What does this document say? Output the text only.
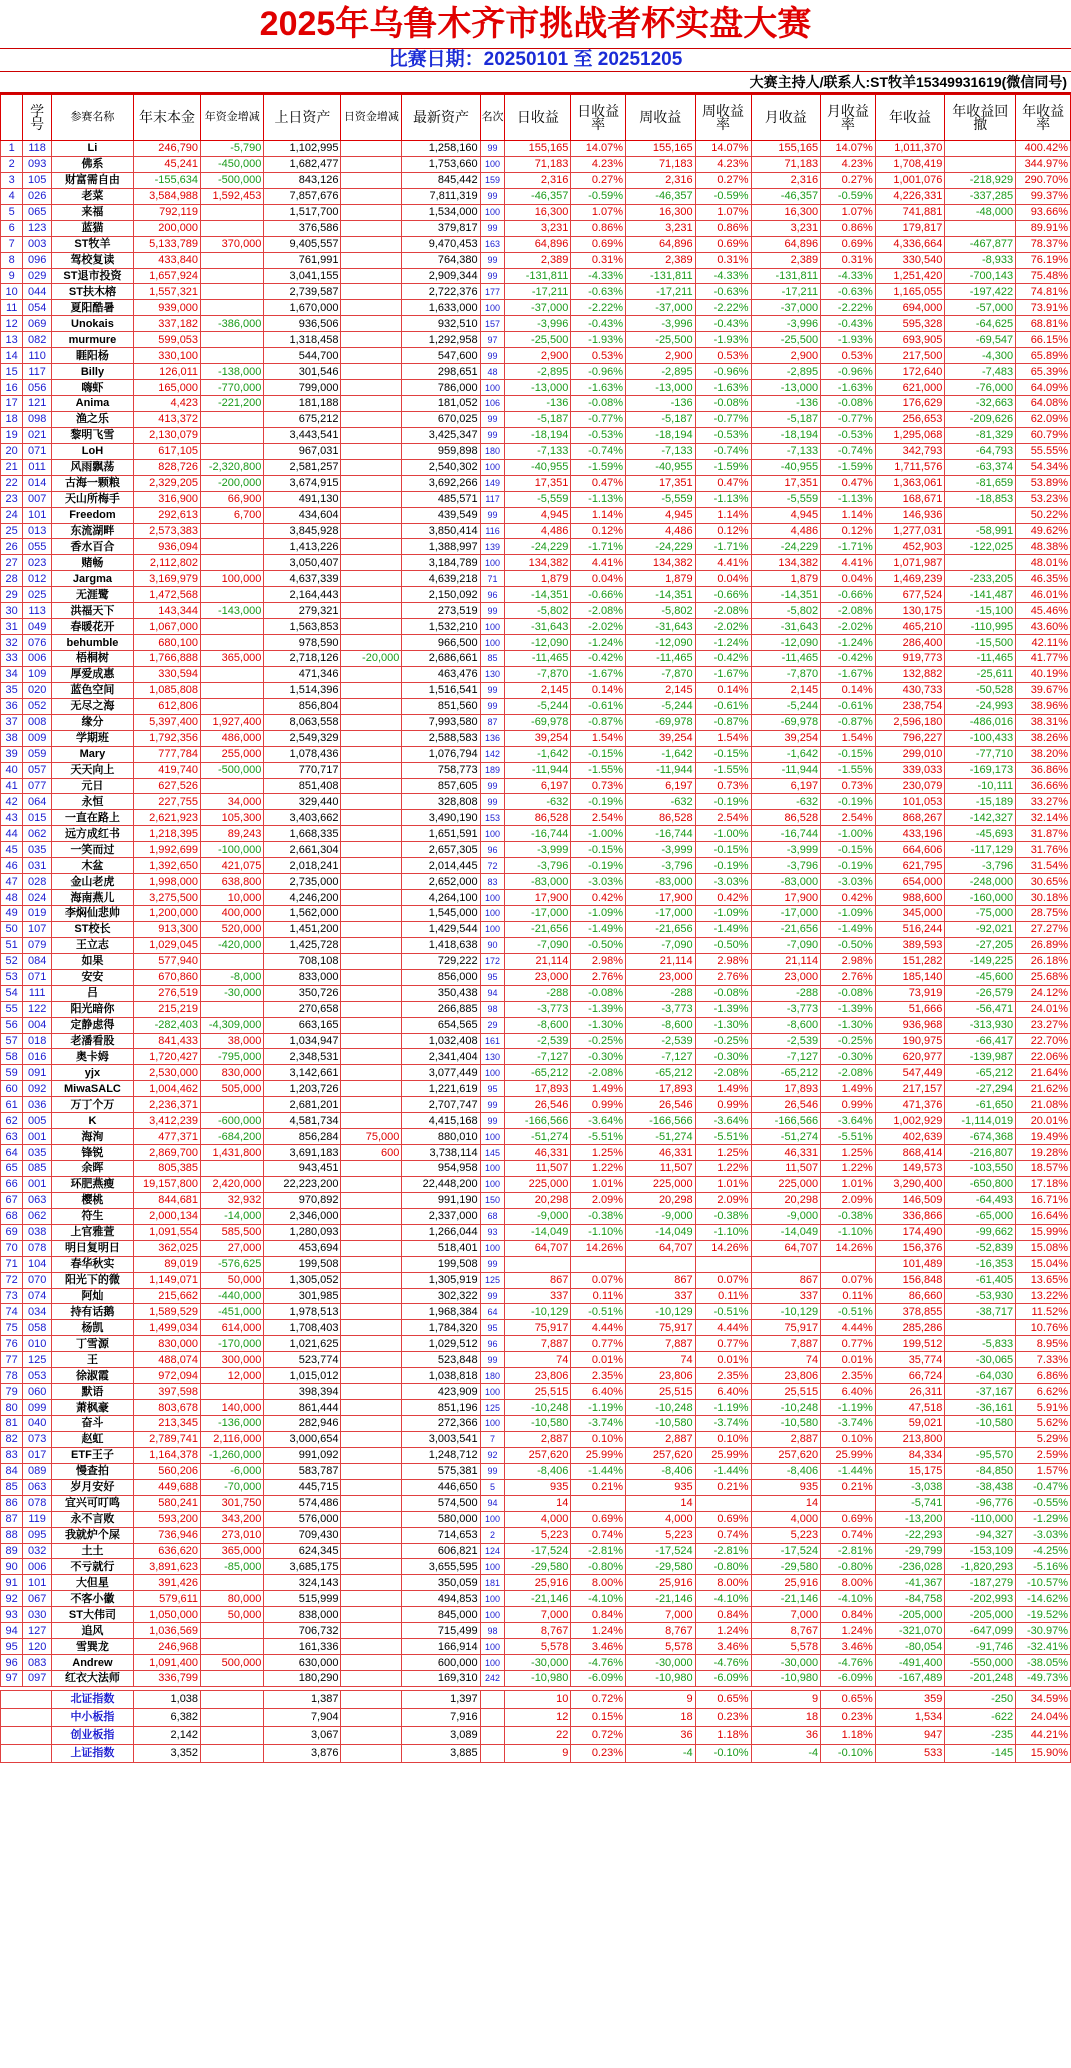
2025年乌鲁木齐市挑战者杯实盘大赛
比赛日期：20250101 至 20251205
大赛主持人/联系人:ST牧羊15349931619(微信同号)
	学号	参赛名称	年末本金	年资金增减	上日资产	日资金增减	最新资产	名次	日收益	日收益率	周收益	周收益率	月收益	月收益率	年收益	年收益回撤	年收益率
1	118	Li	246,790	-5,790	1,102,995		1,258,160	99	155,165	14.07%	155,165	14.07%	155,165	14.07%	1,011,370		400.42%
2	093	佛系	45,241	-450,000	1,682,477		1,753,660	100	71,183	4.23%	71,183	4.23%	71,183	4.23%	1,708,419		344.97%
3	105	财富需自由	-155,634	-500,000	843,126		845,442	159	2,316	0.27%	2,316	0.27%	2,316	0.27%	1,001,076	-218,929	290.70%
4	026	老菜	3,584,988	1,592,453	7,857,676		7,811,319	99	-46,357	-0.59%	-46,357	-0.59%	-46,357	-0.59%	4,226,331	-337,285	99.37%
5	065	来福	792,119		1,517,700		1,534,000	100	16,300	1.07%	16,300	1.07%	16,300	1.07%	741,881	-48,000	93.66%
6	123	蓝猫	200,000		376,586		379,817	99	3,231	0.86%	3,231	0.86%	3,231	0.86%	179,817		89.91%
7	003	ST牧羊	5,133,789	370,000	9,405,557		9,470,453	163	64,896	0.69%	64,896	0.69%	64,896	0.69%	4,336,664	-467,877	78.37%
8	096	驾校复读	433,840		761,991		764,380	99	2,389	0.31%	2,389	0.31%	2,389	0.31%	330,540	-8,933	76.19%
9	029	ST退市投资	1,657,924		3,041,155		2,909,344	99	-131,811	-4.33%	-131,811	-4.33%	-131,811	-4.33%	1,251,420	-700,143	75.48%
10	044	ST扶木榕	1,557,321		2,739,587		2,722,376	177	-17,211	-0.63%	-17,211	-0.63%	-17,211	-0.63%	1,165,055	-197,422	74.81%
11	054	夏阳酷暑	939,000		1,670,000		1,633,000	100	-37,000	-2.22%	-37,000	-2.22%	-37,000	-2.22%	694,000	-57,000	73.91%
12	069	Unokais	337,182	-386,000	936,506		932,510	157	-3,996	-0.43%	-3,996	-0.43%	-3,996	-0.43%	595,328	-64,625	68.81%
13	082	murmure	599,053		1,318,458		1,292,958	97	-25,500	-1.93%	-25,500	-1.93%	-25,500	-1.93%	693,905	-69,547	66.15%
14	110	睚阳杨	330,100		544,700		547,600	99	2,900	0.53%	2,900	0.53%	2,900	0.53%	217,500	-4,300	65.89%
15	117	Billy	126,011	-138,000	301,546		298,651	48	-2,895	-0.96%	-2,895	-0.96%	-2,895	-0.96%	172,640	-7,483	65.39%
16	056	嗨虾	165,000	-770,000	799,000		786,000	100	-13,000	-1.63%	-13,000	-1.63%	-13,000	-1.63%	621,000	-76,000	64.09%
17	121	Anima	4,423	-221,200	181,188		181,052	106	-136	-0.08%	-136	-0.08%	-136	-0.08%	176,629	-32,663	64.08%
18	098	渔之乐	413,372		675,212		670,025	99	-5,187	-0.77%	-5,187	-0.77%	-5,187	-0.77%	256,653	-209,626	62.09%
19	021	黎明飞雪	2,130,079		3,443,541		3,425,347	99	-18,194	-0.53%	-18,194	-0.53%	-18,194	-0.53%	1,295,068	-81,329	60.79%
20	071	LoH	617,105		967,031		959,898	180	-7,133	-0.74%	-7,133	-0.74%	-7,133	-0.74%	342,793	-64,793	55.55%
21	011	风雨飘荡	828,726	-2,320,800	2,581,257		2,540,302	100	-40,955	-1.59%	-40,955	-1.59%	-40,955	-1.59%	1,711,576	-63,374	54.34%
22	014	古海一颗粮	2,329,205	-200,000	3,674,915		3,692,266	149	17,351	0.47%	17,351	0.47%	17,351	0.47%	1,363,061	-81,659	53.89%
23	007	天山所梅手	316,900	66,900	491,130		485,571	117	-5,559	-1.13%	-5,559	-1.13%	-5,559	-1.13%	168,671	-18,853	53.23%
24	101	Freedom	292,613	6,700	434,604		439,549	99	4,945	1.14%	4,945	1.14%	4,945	1.14%	146,936		50.22%
25	013	东流湖畔	2,573,383		3,845,928		3,850,414	116	4,486	0.12%	4,486	0.12%	4,486	0.12%	1,277,031	-58,991	49.62%
26	055	香水百合	936,094		1,413,226		1,388,997	139	-24,229	-1.71%	-24,229	-1.71%	-24,229	-1.71%	452,903	-122,025	48.38%
27	023	赌畅	2,112,802		3,050,407		3,184,789	100	134,382	4.41%	134,382	4.41%	134,382	4.41%	1,071,987		48.01%
28	012	Jargma	3,169,979	100,000	4,637,339		4,639,218	71	1,879	0.04%	1,879	0.04%	1,879	0.04%	1,469,239	-233,205	46.35%
29	025	无涯鹭	1,472,568		2,164,443		2,150,092	96	-14,351	-0.66%	-14,351	-0.66%	-14,351	-0.66%	677,524	-141,487	46.01%
30	113	洪福天下	143,344	-143,000	279,321		273,519	99	-5,802	-2.08%	-5,802	-2.08%	-5,802	-2.08%	130,175	-15,100	45.46%
31	049	春暖花开	1,067,000		1,563,853		1,532,210	100	-31,643	-2.02%	-31,643	-2.02%	-31,643	-2.02%	465,210	-110,995	43.60%
32	076	behumble	680,100		978,590		966,500	100	-12,090	-1.24%	-12,090	-1.24%	-12,090	-1.24%	286,400	-15,500	42.11%
33	006	梧桐树	1,766,888	365,000	2,718,126	-20,000	2,686,661	85	-11,465	-0.42%	-11,465	-0.42%	-11,465	-0.42%	919,773	-11,465	41.77%
34	109	厚爱成惠	330,594		471,346		463,476	130	-7,870	-1.67%	-7,870	-1.67%	-7,870	-1.67%	132,882	-25,611	40.19%
35	020	蓝色空间	1,085,808		1,514,396		1,516,541	99	2,145	0.14%	2,145	0.14%	2,145	0.14%	430,733	-50,528	39.67%
36	052	无尽之海	612,806		856,804		851,560	99	-5,244	-0.61%	-5,244	-0.61%	-5,244	-0.61%	238,754	-24,993	38.96%
37	008	缘分	5,397,400	1,927,400	8,063,558		7,993,580	87	-69,978	-0.87%	-69,978	-0.87%	-69,978	-0.87%	2,596,180	-486,016	38.31%
38	009	学期班	1,792,356	486,000	2,549,329		2,588,583	136	39,254	1.54%	39,254	1.54%	39,254	1.54%	796,227	-100,433	38.26%
39	059	Mary	777,784	255,000	1,078,436		1,076,794	142	-1,642	-0.15%	-1,642	-0.15%	-1,642	-0.15%	299,010	-77,710	38.20%
40	057	天天向上	419,740	-500,000	770,717		758,773	189	-11,944	-1.55%	-11,944	-1.55%	-11,944	-1.55%	339,033	-169,173	36.86%
41	077	元日	627,526		851,408		857,605	99	6,197	0.73%	6,197	0.73%	6,197	0.73%	230,079	-10,111	36.66%
42	064	永恒	227,755	34,000	329,440		328,808	99	-632	-0.19%	-632	-0.19%	-632	-0.19%	101,053	-15,189	33.27%
43	015	一直在路上	2,621,923	105,300	3,403,662		3,490,190	153	86,528	2.54%	86,528	2.54%	86,528	2.54%	868,267	-142,327	32.14%
44	062	远方成红书	1,218,395	89,243	1,668,335		1,651,591	100	-16,744	-1.00%	-16,744	-1.00%	-16,744	-1.00%	433,196	-45,693	31.87%
45	035	一笑而过	1,992,699	-100,000	2,661,304		2,657,305	96	-3,999	-0.15%	-3,999	-0.15%	-3,999	-0.15%	664,606	-117,129	31.76%
46	031	木盆	1,392,650	421,075	2,018,241		2,014,445	72	-3,796	-0.19%	-3,796	-0.19%	-3,796	-0.19%	621,795	-3,796	31.54%
47	028	金山老虎	1,998,000	638,800	2,735,000		2,652,000	83	-83,000	-3.03%	-83,000	-3.03%	-83,000	-3.03%	654,000	-248,000	30.65%
48	024	海南燕儿	3,275,500	10,000	4,246,200		4,264,100	100	17,900	0.42%	17,900	0.42%	17,900	0.42%	988,600	-160,000	30.18%
49	019	李焖仙悲帅	1,200,000	400,000	1,562,000		1,545,000	100	-17,000	-1.09%	-17,000	-1.09%	-17,000	-1.09%	345,000	-75,000	28.75%
50	107	ST校长	913,300	520,000	1,451,200		1,429,544	100	-21,656	-1.49%	-21,656	-1.49%	-21,656	-1.49%	516,244	-92,021	27.27%
51	079	王立志	1,029,045	-420,000	1,425,728		1,418,638	90	-7,090	-0.50%	-7,090	-0.50%	-7,090	-0.50%	389,593	-27,205	26.89%
52	084	如果	577,940		708,108		729,222	172	21,114	2.98%	21,114	2.98%	21,114	2.98%	151,282	-149,225	26.18%
53	071	安安	670,860	-8,000	833,000		856,000	95	23,000	2.76%	23,000	2.76%	23,000	2.76%	185,140	-45,600	25.68%
54	111	吕	276,519	-30,000	350,726		350,438	94	-288	-0.08%	-288	-0.08%	-288	-0.08%	73,919	-26,579	24.12%
55	122	阳光暗你	215,219		270,658		266,885	98	-3,773	-1.39%	-3,773	-1.39%	-3,773	-1.39%	51,666	-56,471	24.01%
56	004	定静虑得	-282,403	-4,309,000	663,165		654,565	29	-8,600	-1.30%	-8,600	-1.30%	-8,600	-1.30%	936,968	-313,930	23.27%
57	018	老潘看股	841,433	38,000	1,034,947		1,032,408	161	-2,539	-0.25%	-2,539	-0.25%	-2,539	-0.25%	190,975	-66,417	22.70%
58	016	奥卡姆	1,720,427	-795,000	2,348,531		2,341,404	130	-7,127	-0.30%	-7,127	-0.30%	-7,127	-0.30%	620,977	-139,987	22.06%
59	091	yjx	2,530,000	830,000	3,142,661		3,077,449	100	-65,212	-2.08%	-65,212	-2.08%	-65,212	-2.08%	547,449	-65,212	21.64%
60	092	MiwaSALC	1,004,462	505,000	1,203,726		1,221,619	95	17,893	1.49%	17,893	1.49%	17,893	1.49%	217,157	-27,294	21.62%
61	036	万丁个万	2,236,371		2,681,201		2,707,747	99	26,546	0.99%	26,546	0.99%	26,546	0.99%	471,376	-61,650	21.08%
62	005	K	3,412,239	-600,000	4,581,734		4,415,168	99	-166,566	-3.64%	-166,566	-3.64%	-166,566	-3.64%	1,002,929	-1,114,019	20.01%
63	001	海洵	477,371	-684,200	856,284	75,000	880,010	100	-51,274	-5.51%	-51,274	-5.51%	-51,274	-5.51%	402,639	-674,368	19.49%
64	035	锋锐	2,869,700	1,431,800	3,691,183	600	3,738,114	145	46,331	1.25%	46,331	1.25%	46,331	1.25%	868,414	-216,807	19.28%
65	085	余晖	805,385		943,451		954,958	100	11,507	1.22%	11,507	1.22%	11,507	1.22%	149,573	-103,550	18.57%
66	001	环肥燕瘦	19,157,800	2,420,000	22,223,200		22,448,200	100	225,000	1.01%	225,000	1.01%	225,000	1.01%	3,290,400	-650,800	17.18%
67	063	樱桃	844,681	32,932	970,892		991,190	150	20,298	2.09%	20,298	2.09%	20,298	2.09%	146,509	-64,493	16.71%
68	062	符生	2,000,134	-14,000	2,346,000		2,337,000	68	-9,000	-0.38%	-9,000	-0.38%	-9,000	-0.38%	336,866	-65,000	16.64%
69	038	上官雅萱	1,091,554	585,500	1,280,093		1,266,044	93	-14,049	-1.10%	-14,049	-1.10%	-14,049	-1.10%	174,490	-99,662	15.99%
70	078	明日复明日	362,025	27,000	453,694		518,401	100	64,707	14.26%	64,707	14.26%	64,707	14.26%	156,376	-52,839	15.08%
71	104	春华秋实	89,019	-576,625	199,508		199,508	99							101,489	-16,353	15.04%
72	070	阳光下的微	1,149,071	50,000	1,305,052		1,305,919	125	867	0.07%	867	0.07%	867	0.07%	156,848	-61,405	13.65%
73	074	阿灿	215,662	-440,000	301,985		302,322	99	337	0.11%	337	0.11%	337	0.11%	86,660	-53,930	13.22%
74	034	持有话鹅	1,589,529	-451,000	1,978,513		1,968,384	64	-10,129	-0.51%	-10,129	-0.51%	-10,129	-0.51%	378,855	-38,717	11.52%
75	058	杨凯	1,499,034	614,000	1,708,403		1,784,320	95	75,917	4.44%	75,917	4.44%	75,917	4.44%	285,286		10.76%
76	010	丁雪源	830,000	-170,000	1,021,625		1,029,512	96	7,887	0.77%	7,887	0.77%	7,887	0.77%	199,512	-5,833	8.95%
77	125	王	488,074	300,000	523,774		523,848	99	74	0.01%	74	0.01%	74	0.01%	35,774	-30,065	7.33%
78	053	徐淑霞	972,094	12,000	1,015,012		1,038,818	180	23,806	2.35%	23,806	2.35%	23,806	2.35%	66,724	-64,030	6.86%
79	060	默语	397,598		398,394		423,909	100	25,515	6.40%	25,515	6.40%	25,515	6.40%	26,311	-37,167	6.62%
80	099	萧枫豪	803,678	140,000	861,444		851,196	125	-10,248	-1.19%	-10,248	-1.19%	-10,248	-1.19%	47,518	-36,161	5.91%
81	040	奋斗	213,345	-136,000	282,946		272,366	100	-10,580	-3.74%	-10,580	-3.74%	-10,580	-3.74%	59,021	-10,580	5.62%
82	073	赵虹	2,789,741	2,116,000	3,000,654		3,003,541	7	2,887	0.10%	2,887	0.10%	2,887	0.10%	213,800		5.29%
83	017	ETF王子	1,164,378	-1,260,000	991,092		1,248,712	92	257,620	25.99%	257,620	25.99%	257,620	25.99%	84,334	-95,570	2.59%
84	089	慢查拍	560,206	-6,000	583,787		575,381	99	-8,406	-1.44%	-8,406	-1.44%	-8,406	-1.44%	15,175	-84,850	1.57%
85	063	岁月安好	449,688	-70,000	445,715		446,650	5	935	0.21%	935	0.21%	935	0.21%	-3,038	-38,438	-0.47%
86	078	宜兴可叮鸣	580,241	301,750	574,486		574,500	94	14		14		14		-5,741	-96,776	-0.55%
87	119	永不言败	593,200	343,200	576,000		580,000	100	4,000	0.69%	4,000	0.69%	4,000	0.69%	-13,200	-110,000	-1.29%
88	095	我就炉个屎	736,946	273,010	709,430		714,653	2	5,223	0.74%	5,223	0.74%	5,223	0.74%	-22,293	-94,327	-3.03%
89	032	土土	636,620	365,000	624,345		606,821	124	-17,524	-2.81%	-17,524	-2.81%	-17,524	-2.81%	-29,799	-153,109	-4.25%
90	006	不亏就行	3,891,623	-85,000	3,685,175		3,655,595	100	-29,580	-0.80%	-29,580	-0.80%	-29,580	-0.80%	-236,028	-1,820,293	-5.16%
91	101	大但星	391,426		324,143		350,059	181	25,916	8.00%	25,916	8.00%	25,916	8.00%	-41,367	-187,279	-10.57%
92	067	不客小徽	579,611	80,000	515,999		494,853	100	-21,146	-4.10%	-21,146	-4.10%	-21,146	-4.10%	-84,758	-202,993	-14.62%
93	030	ST大伟司	1,050,000	50,000	838,000		845,000	100	7,000	0.84%	7,000	0.84%	7,000	0.84%	-205,000	-205,000	-19.52%
94	127	追风	1,036,569		706,732		715,499	98	8,767	1.24%	8,767	1.24%	8,767	1.24%	-321,070	-647,099	-30.97%
95	120	雪巽龙	246,968		161,336		166,914	100	5,578	3.46%	5,578	3.46%	5,578	3.46%	-80,054	-91,746	-32.41%
96	083	Andrew	1,091,400	500,000	630,000		600,000	100	-30,000	-4.76%	-30,000	-4.76%	-30,000	-4.76%	-491,400	-550,000	-38.05%
97	097	红衣大法师	336,799		180,290		169,310	242	-10,980	-6.09%	-10,980	-6.09%	-10,980	-6.09%	-167,489	-201,248	-49.73%

		北证指数	1,038		1,387		1,397		10	0.72%	9	0.65%	9	0.65%	359	-250	34.59%
		中小板指	6,382		7,904		7,916		12	0.15%	18	0.23%	18	0.23%	1,534	-622	24.04%
		创业板指	2,142		3,067		3,089		22	0.72%	36	1.18%	36	1.18%	947	-235	44.21%
		上证指数	3,352		3,876		3,885		9	0.23%	-4	-0.10%	-4	-0.10%	533	-145	15.90%
